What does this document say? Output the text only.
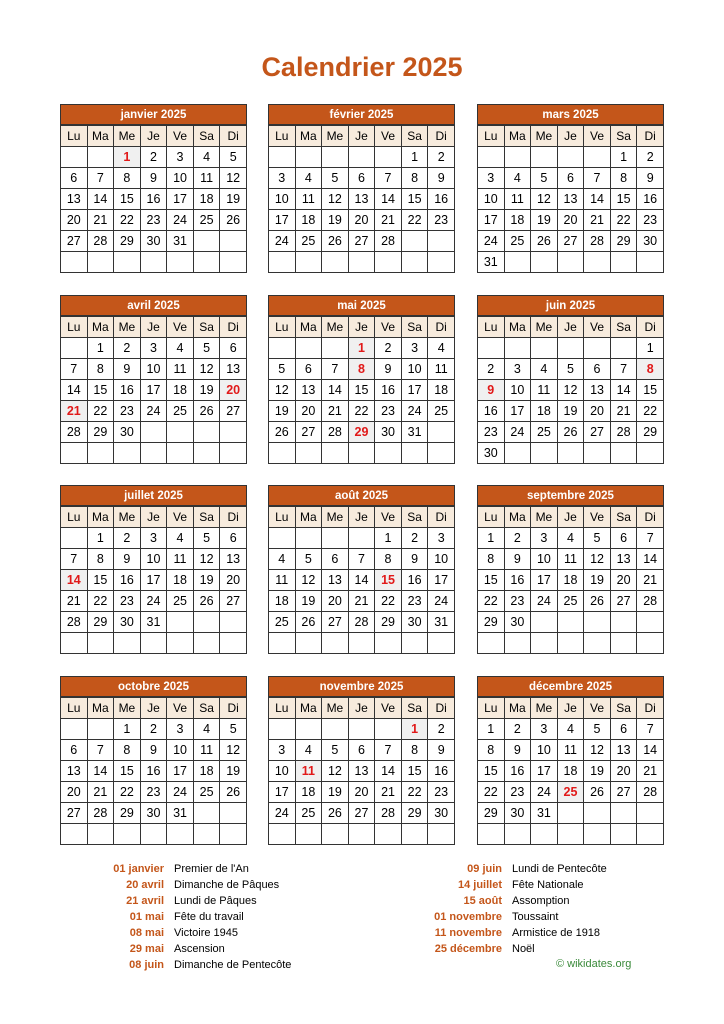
Calendrier 2025
janvier 2025
Lu	Ma	Me	Je	Ve	Sa	Di
		1	2	3	4	5
6	7	8	9	10	11	12
13	14	15	16	17	18	19
20	21	22	23	24	25	26
27	28	29	30	31		

février 2025
Lu	Ma	Me	Je	Ve	Sa	Di
					1	2
3	4	5	6	7	8	9
10	11	12	13	14	15	16
17	18	19	20	21	22	23
24	25	26	27	28		

mars 2025
Lu	Ma	Me	Je	Ve	Sa	Di
					1	2
3	4	5	6	7	8	9
10	11	12	13	14	15	16
17	18	19	20	21	22	23
24	25	26	27	28	29	30
31						
avril 2025
Lu	Ma	Me	Je	Ve	Sa	Di
	1	2	3	4	5	6
7	8	9	10	11	12	13
14	15	16	17	18	19	20
21	22	23	24	25	26	27
28	29	30				

mai 2025
Lu	Ma	Me	Je	Ve	Sa	Di
			1	2	3	4
5	6	7	8	9	10	11
12	13	14	15	16	17	18
19	20	21	22	23	24	25
26	27	28	29	30	31	

juin 2025
Lu	Ma	Me	Je	Ve	Sa	Di
						1
2	3	4	5	6	7	8
9	10	11	12	13	14	15
16	17	18	19	20	21	22
23	24	25	26	27	28	29
30						
juillet 2025
Lu	Ma	Me	Je	Ve	Sa	Di
	1	2	3	4	5	6
7	8	9	10	11	12	13
14	15	16	17	18	19	20
21	22	23	24	25	26	27
28	29	30	31			

août 2025
Lu	Ma	Me	Je	Ve	Sa	Di
				1	2	3
4	5	6	7	8	9	10
11	12	13	14	15	16	17
18	19	20	21	22	23	24
25	26	27	28	29	30	31

septembre 2025
Lu	Ma	Me	Je	Ve	Sa	Di
1	2	3	4	5	6	7
8	9	10	11	12	13	14
15	16	17	18	19	20	21
22	23	24	25	26	27	28
29	30					

octobre 2025
Lu	Ma	Me	Je	Ve	Sa	Di
		1	2	3	4	5
6	7	8	9	10	11	12
13	14	15	16	17	18	19
20	21	22	23	24	25	26
27	28	29	30	31		

novembre 2025
Lu	Ma	Me	Je	Ve	Sa	Di
					1	2
3	4	5	6	7	8	9
10	11	12	13	14	15	16
17	18	19	20	21	22	23
24	25	26	27	28	29	30

décembre 2025
Lu	Ma	Me	Je	Ve	Sa	Di
1	2	3	4	5	6	7
8	9	10	11	12	13	14
15	16	17	18	19	20	21
22	23	24	25	26	27	28
29	30	31				

01 janvier Premier de l'An
20 avril Dimanche de Pâques
21 avril Lundi de Pâques
01 mai Fête du travail
08 mai Victoire 1945
29 mai Ascension
08 juin Dimanche de Pentecôte
09 juin Lundi de Pentecôte
14 juillet Fête Nationale
15 août Assomption
01 novembre Toussaint
11 novembre Armistice de 1918
25 décembre Noël
© wikidates.org
